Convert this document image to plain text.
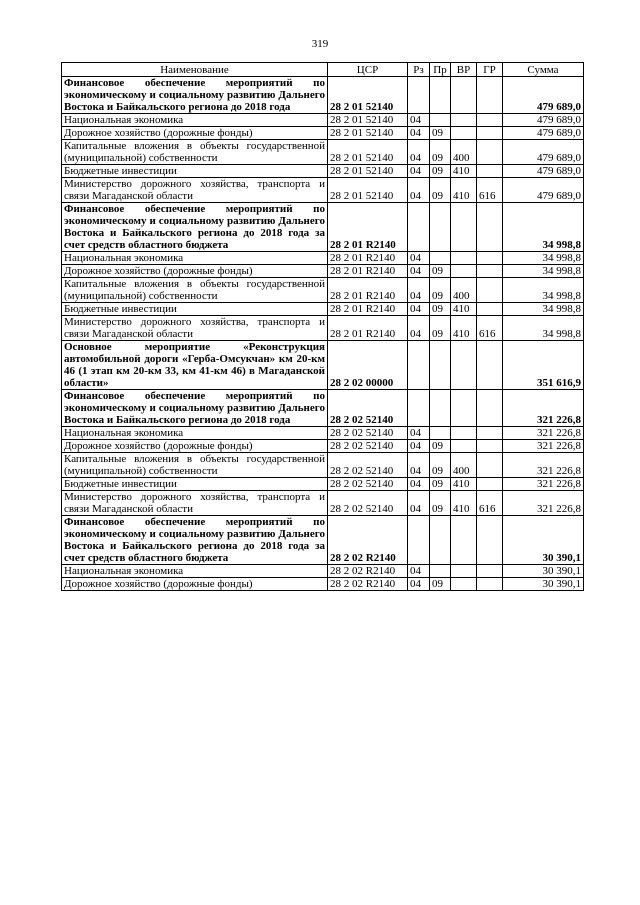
319
Наименование	ЦСР	Рз	Пр	ВР	ГР	Сумма
Финансовое обеспечение мероприятий по экономическому и социальному развитию Дальнего Востока и Байкальского региона до 2018 года	28 2 01 52140					479 689,0
Национальная экономика	28 2 01 52140	04				479 689,0
Дорожное хозяйство (дорожные фонды)	28 2 01 52140	04	09			479 689,0
Капитальные вложения в объекты государственной (муниципальной) собственности	28 2 01 52140	04	09	400		479 689,0
Бюджетные инвестиции	28 2 01 52140	04	09	410		479 689,0
Министерство дорожного хозяйства, транспорта и связи Магаданской области	28 2 01 52140	04	09	410	616	479 689,0
Финансовое обеспечение мероприятий по экономическому и социальному развитию Дальнего Востока и Байкальского региона до 2018 года за счет средств областного бюджета	28 2 01 R2140					34 998,8
Национальная экономика	28 2 01 R2140	04				34 998,8
Дорожное хозяйство (дорожные фонды)	28 2 01 R2140	04	09			34 998,8
Капитальные вложения в объекты государственной (муниципальной) собственности	28 2 01 R2140	04	09	400		34 998,8
Бюджетные инвестиции	28 2 01 R2140	04	09	410		34 998,8
Министерство дорожного хозяйства, транспорта и связи Магаданской области	28 2 01 R2140	04	09	410	616	34 998,8
Основное мероприятие «Реконструкция автомобильной дороги «Герба-Омсукчан» км 20-км 46 (1 этап км 20-км 33, км 41-км 46) в Магаданской области»	28 2 02 00000					351 616,9
Финансовое обеспечение мероприятий по экономическому и социальному развитию Дальнего Востока и Байкальского региона до 2018 года	28 2 02 52140					321 226,8
Национальная экономика	28 2 02 52140	04				321 226,8
Дорожное хозяйство (дорожные фонды)	28 2 02 52140	04	09			321 226,8
Капитальные вложения в объекты государственной (муниципальной) собственности	28 2 02 52140	04	09	400		321 226,8
Бюджетные инвестиции	28 2 02 52140	04	09	410		321 226,8
Министерство дорожного хозяйства, транспорта и связи Магаданской области	28 2 02 52140	04	09	410	616	321 226,8
Финансовое обеспечение мероприятий по экономическому и социальному развитию Дальнего Востока и Байкальского региона до 2018 года за счет средств областного бюджета	28 2 02 R2140					30 390,1
Национальная экономика	28 2 02 R2140	04				30 390,1
Дорожное хозяйство (дорожные фонды)	28 2 02 R2140	04	09			30 390,1
